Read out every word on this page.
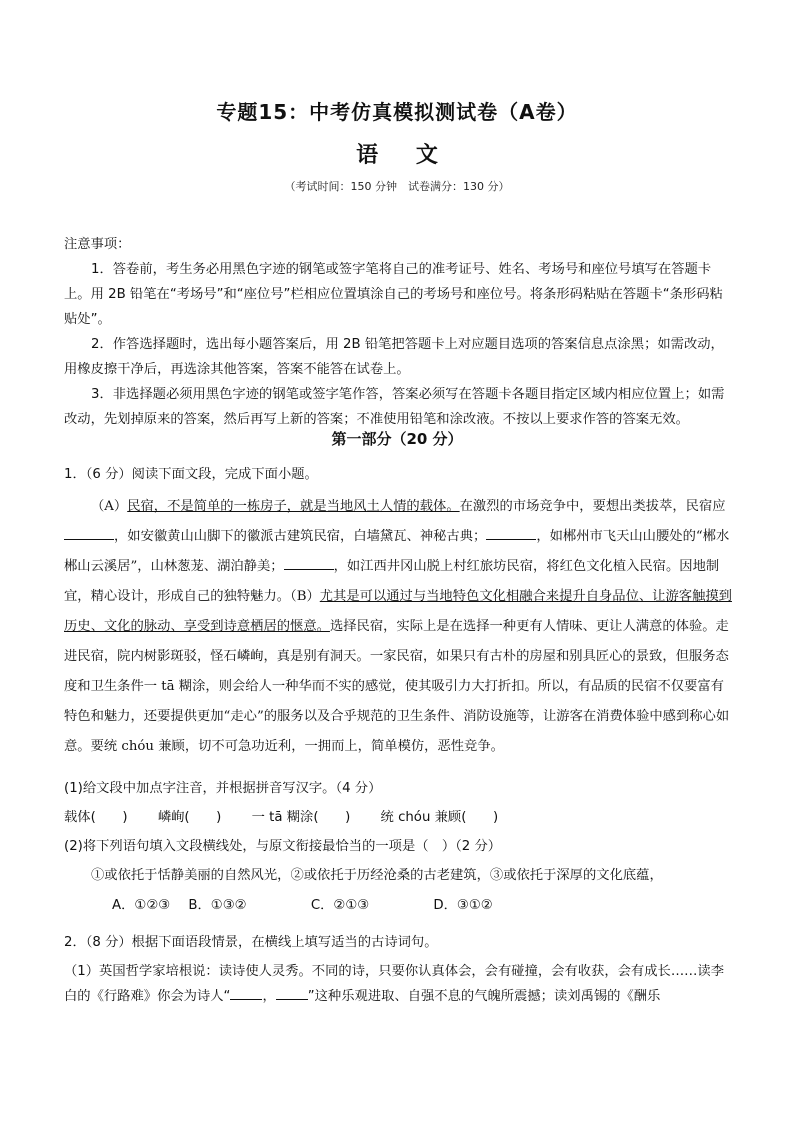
专题15：中考仿真模拟测试卷（A卷）
语 文
（考试时间：150 分钟　试卷满分：130 分）
注意事项：
1．答卷前，考生务必用黑色字迹的钢笔或签字笔将自己的准考证号、姓名、考场号和座位号填写在答题卡上。用 2B 铅笔在“考场号”和“座位号”栏相应位置填涂自己的考场号和座位号。将条形码粘贴在答题卡“条形码粘贴处”。
2．作答选择题时，选出每小题答案后，用 2B 铅笔把答题卡上对应题目选项的答案信息点涂黑；如需改动，用橡皮擦干净后，再选涂其他答案，答案不能答在试卷上。
3．非选择题必须用黑色字迹的钢笔或签字笔作答，答案必须写在答题卡各题目指定区域内相应位置上；如需改动，先划掉原来的答案，然后再写上新的答案；不准使用铅笔和涂改液。不按以上要求作答的答案无效。
第一部分（20 分）
1．（6 分）阅读下面文段，完成下面小题。
（A）民宿，不是简单的一栋房子，就是当地风土人情的载体。在激烈的市场竞争中，要想出类拔萃，民宿应，如安徽黄山山脚下的徽派古建筑民宿，白墙黛瓦、神秘古典；	，如郴州市飞天山山腰处的“郴水郴山云溪居”，山林葱茏、湖泊静美；	，如江西井冈山脱上村红旅坊民宿，将红色文化植入民宿。因地制宜，精心设计，形成自己的独特魅力。（B）尤其是可以通过与当地特色文化相融合来提升自身品位、让游客触摸到历史、文化的脉动、享受到诗意栖居的惬意。选择民宿，实际上是在选择一种更有人情味、更让人满意的体验。走进民宿，院内树影斑驳，怪石嶙峋，真是别有洞天。一家民宿，如果只有古朴的房屋和别具匠心的景致，但服务态度和卫生条件一 tā 糊涂，则会给人一种华而不实的感觉，使其吸引力大打折扣。所以，有品质的民宿不仅要富有特色和魅力，还要提供更加“走心”的服务以及合乎规范的卫生条件、消防设施等，让游客在消费体验中感到称心如意。要统 chóu 兼顾，切不可急功近利，一拥而上，简单模仿，恶性竞争。
(1)给文段中加点字注音，并根据拼音写汉字。（4 分）
载体(　　) 嶙峋(　　) 一 tā 糊涂(　　) 统 chóu 兼顾(　　)
(2)将下列语句填入文段横线处，与原文衔接最恰当的一项是（　）（2 分）
①或依托于恬静美丽的自然风光，②或依托于历经沧桑的古老建筑，③或依托于深厚的文化底蕴，
A．①②③ B．①③②	C．②①③	D．③①②
2．（8 分）根据下面语段情景，在横线上填写适当的古诗词句。
（1）英国哲学家培根说：读诗使人灵秀。不同的诗，只要你认真体会，会有碰撞，会有收获，会有成长……读李白的《行路难》你会为诗人“ ， ”这种乐观进取、自强不息的气魄所震撼；读刘禹锡的《酬乐
